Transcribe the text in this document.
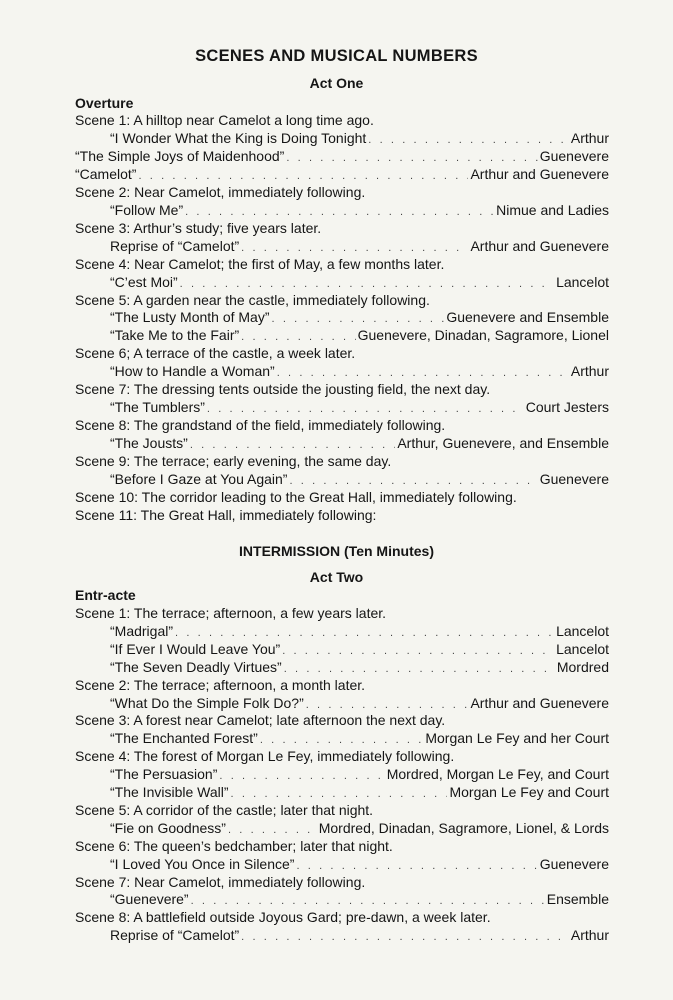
SCENES AND MUSICAL NUMBERS
Act One
Overture
Scene 1: A hilltop near Camelot a long time ago.
“I Wonder What the King is Doing Tonight . . .	Arthur
“The Simple Joys of Maidenhood” . . .	Guenevere
“Camelot” . . .	Arthur and Guenevere
Scene 2: Near Camelot, immediately following.
“Follow Me” . . .	Nimue and Ladies
Scene 3: Arthur’s study; five years later.
Reprise of “Camelot” . . .	Arthur and Guenevere
Scene 4: Near Camelot; the first of May, a few months later.
“C’est Moi” . . .	Lancelot
Scene 5: A garden near the castle, immediately following.
“The Lusty Month of May” . . .	Guenevere and Ensemble
“Take Me to the Fair” . . .	Guenevere, Dinadan, Sagramore, Lionel
Scene 6; A terrace of the castle, a week later.
“How to Handle a Woman” . . .	Arthur
Scene 7: The dressing tents outside the jousting field, the next day.
“The Tumblers” . . .	Court Jesters
Scene 8: The grandstand of the field, immediately following.
“The Jousts” . . .	Arthur, Guenevere, and Ensemble
Scene 9: The terrace; early evening, the same day.
“Before I Gaze at You Again” . . .	Guenevere
Scene 10: The corridor leading to the Great Hall, immediately following.
Scene 11: The Great Hall, immediately following:
INTERMISSION (Ten Minutes)
Act Two
Entr-acte
Scene 1: The terrace; afternoon, a few years later.
“Madrigal” . . .	Lancelot
“If Ever I Would Leave You” . . .	Lancelot
“The Seven Deadly Virtues” . . .	Mordred
Scene 2: The terrace; afternoon, a month later.
“What Do the Simple Folk Do?” . . .	Arthur and Guenevere
Scene 3: A forest near Camelot; late afternoon the next day.
“The Enchanted Forest” . . .	Morgan Le Fey and her Court
Scene 4: The forest of Morgan Le Fey, immediately following.
“The Persuasion” . . .	Mordred, Morgan Le Fey, and Court
“The Invisible Wall” . . .	Morgan Le Fey and Court
Scene 5: A corridor of the castle; later that night.
“Fie on Goodness” . . .	Mordred, Dinadan, Sagramore, Lionel, & Lords
Scene 6: The queen’s bedchamber; later that night.
“I Loved You Once in Silence” . . .	Guenevere
Scene 7: Near Camelot, immediately following.
“Guenevere” . . .	Ensemble
Scene 8: A battlefield outside Joyous Gard; pre-dawn, a week later.
Reprise of “Camelot” . . .	Arthur
